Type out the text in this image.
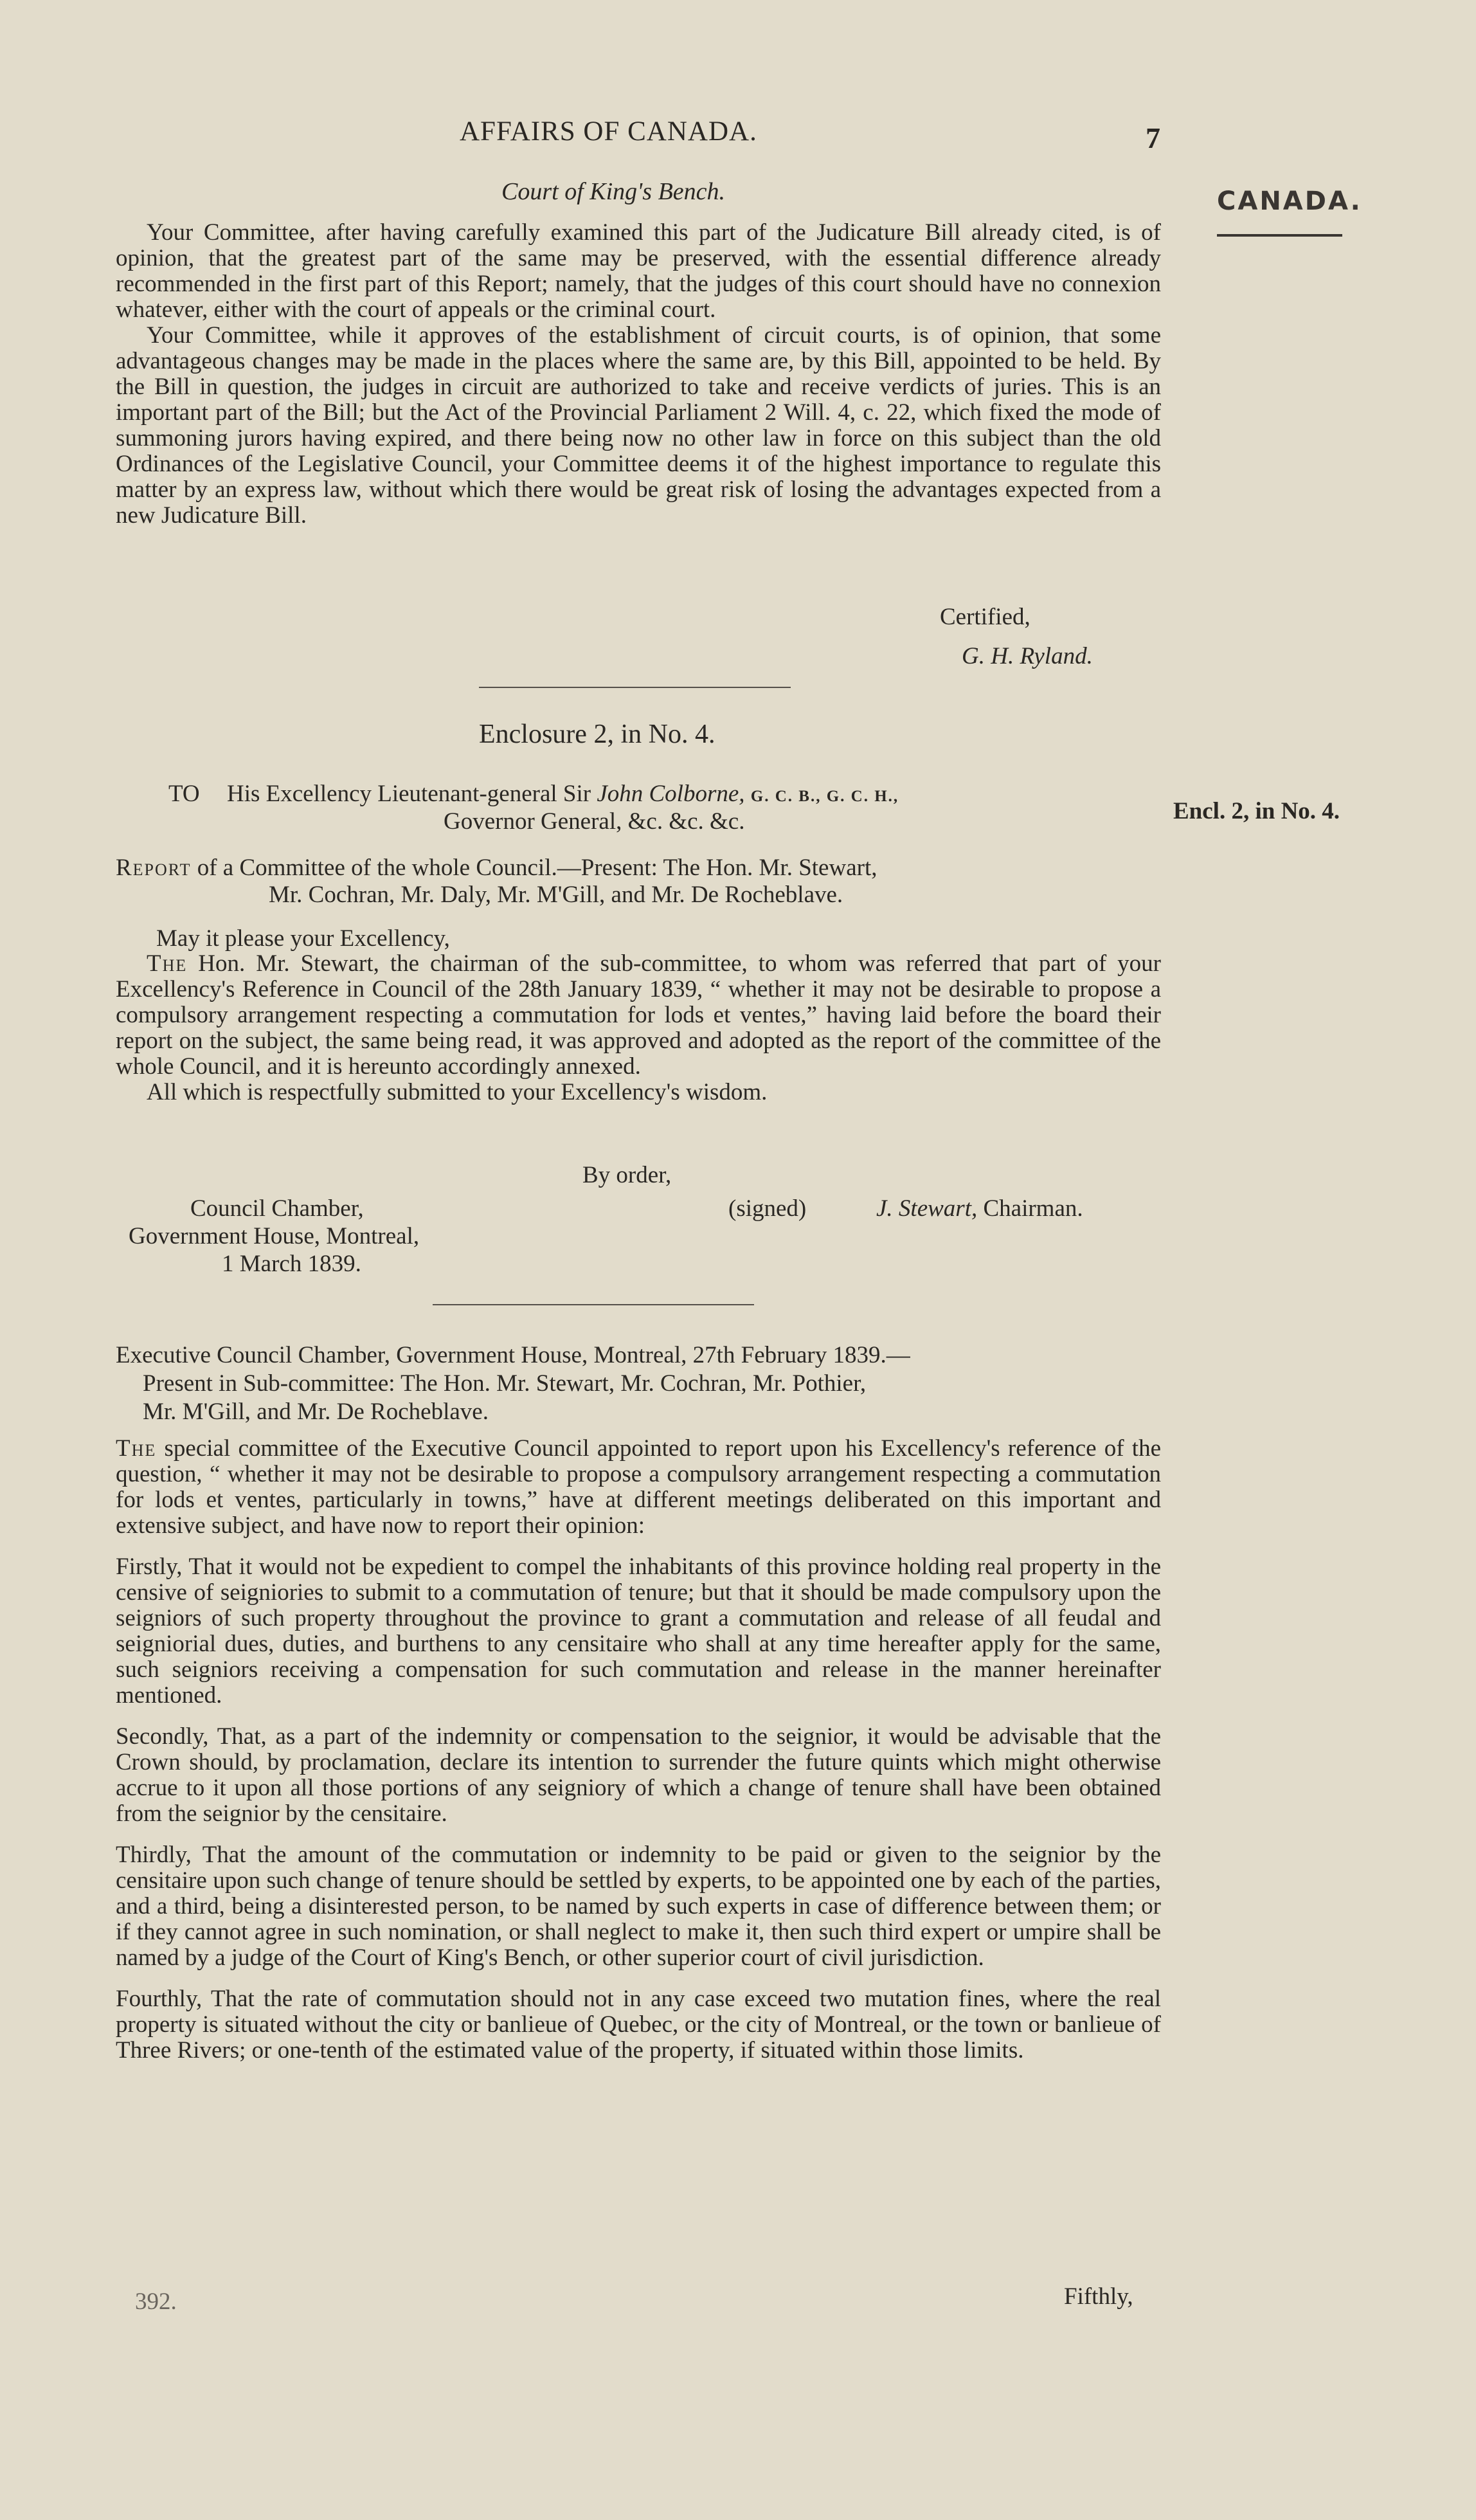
AFFAIRS OF CANADA.	7
CANADA.
Court of King's Bench.

Your Committee, after having carefully examined this part of the Judicature Bill already cited, is of opinion, that the greatest part of the same may be preserved, with the essential difference already recommended in the first part of this Report; namely, that the judges of this court should have no connexion whatever, either with the court of appeals or the criminal court.

Your Committee, while it approves of the establishment of circuit courts, is of opinion, that some advantageous changes may be made in the places where the same are, by this Bill, appointed to be held. By the Bill in question, the judges in circuit are authorized to take and receive verdicts of juries. This is an important part of the Bill; but the Act of the Provincial Parliament 2 Will. 4, c. 22, which fixed the mode of summoning jurors having expired, and there being now no other law in force on this subject than the old Ordinances of the Legislative Council, your Committee deems it of the highest importance to regulate this matter by an express law, without which there would be great risk of losing the advantages expected from a new Judicature Bill.

Certified,
G. H. Ryland.
Enclosure 2, in No. 4.
Encl. 2, in No. 4.
TO His Excellency Lieutenant-general Sir John Colborne, G. C. B., G. C. H.,
Governor General, &c. &c. &c.
Report of a Committee of the whole Council.—Present: The Hon. Mr. Stewart,
Mr. Cochran, Mr. Daly, Mr. M'Gill, and Mr. De Rocheblave.
May it please your Excellency,

The Hon. Mr. Stewart, the chairman of the sub-committee, to whom was referred that part of your Excellency's Reference in Council of the 28th January 1839, “ whether it may not be desirable to propose a compulsory arrangement respecting a commutation for lods et ventes,” having laid before the board their report on the subject, the same being read, it was approved and adopted as the report of the committee of the whole Council, and it is hereunto accordingly annexed.

All which is respectfully submitted to your Excellency's wisdom.

By order,
Council Chamber,
Government House, Montreal,
1 March 1839.
(signed)	J. Stewart, Chairman.
Executive Council Chamber, Government House, Montreal, 27th February 1839.—
Present in Sub-committee: The Hon. Mr. Stewart, Mr. Cochran, Mr. Pothier,
Mr. M'Gill, and Mr. De Rocheblave.

The special committee of the Executive Council appointed to report upon his Excellency's reference of the question, “ whether it may not be desirable to propose a compulsory arrangement respecting a commutation for lods et ventes, particularly in towns,” have at different meetings deliberated on this important and extensive subject, and have now to report their opinion:

Firstly, That it would not be expedient to compel the inhabitants of this province holding real property in the censive of seigniories to submit to a commutation of tenure; but that it should be made compulsory upon the seigniors of such property throughout the province to grant a commutation and release of all feudal and seigniorial dues, duties, and burthens to any censitaire who shall at any time hereafter apply for the same, such seigniors receiving a compensation for such commutation and release in the manner hereinafter mentioned.

Secondly, That, as a part of the indemnity or compensation to the seignior, it would be advisable that the Crown should, by proclamation, declare its intention to surrender the future quints which might otherwise accrue to it upon all those portions of any seigniory of which a change of tenure shall have been obtained from the seignior by the censitaire.

Thirdly, That the amount of the commutation or indemnity to be paid or given to the seignior by the censitaire upon such change of tenure should be settled by experts, to be appointed one by each of the parties, and a third, being a disinterested person, to be named by such experts in case of difference between them; or if they cannot agree in such nomination, or shall neglect to make it, then such third expert or umpire shall be named by a judge of the Court of King's Bench, or other superior court of civil jurisdiction.

Fourthly, That the rate of commutation should not in any case exceed two mutation fines, where the real property is situated without the city or banlieue of Quebec, or the city of Montreal, or the town or banlieue of Three Rivers; or one-tenth of the estimated value of the property, if situated within those limits.

392.	Fifthly,
